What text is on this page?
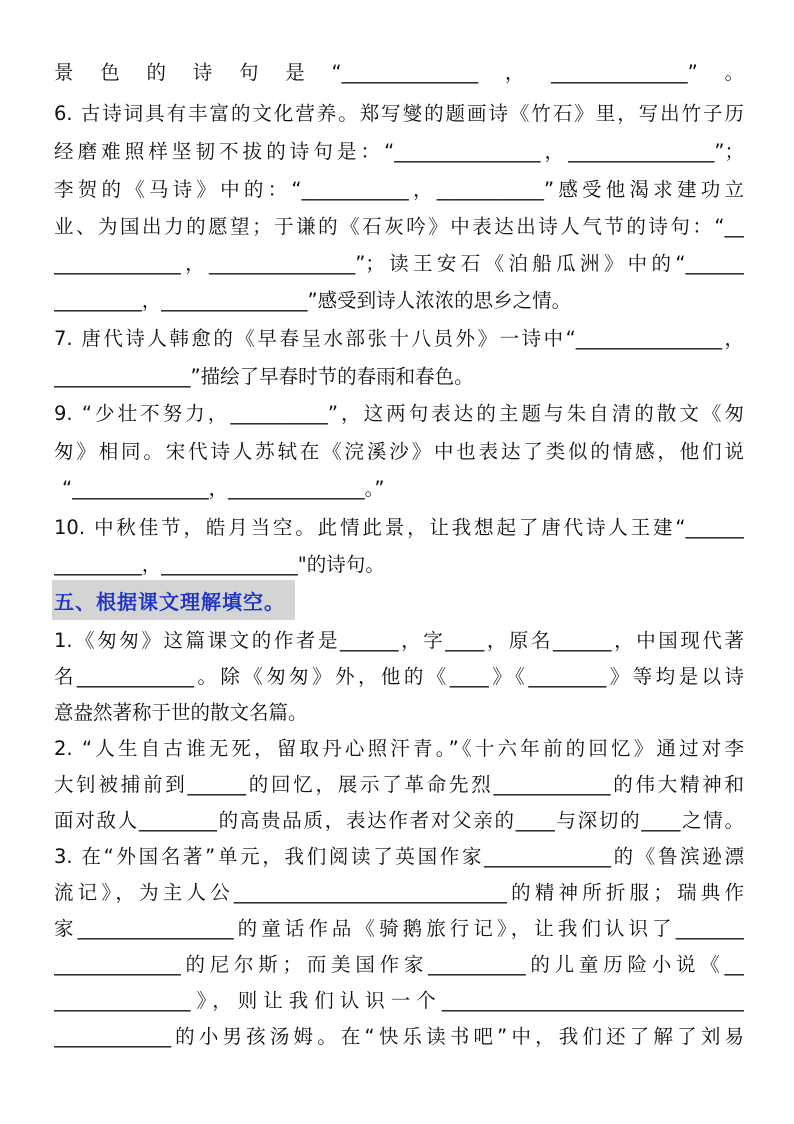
景色的诗句是“______________，______________”。
6. 古诗词具有丰富的文化营养。郑写燮的题画诗《竹石》里，写出竹子历
经磨难照样坚韧不拔的诗句是：“_______________，_______________”；
李贺的《马诗》中的：“___________，___________”感受他渴求建功立
业、为国出力的愿望；于谦的《石灰吟》中表达出诗人气节的诗句：“__
_____________，_______________”；读王安石《泊船瓜洲》中的“______
_________，_______________”感受到诗人浓浓的思乡之情。
7. 唐代诗人韩愈的《早春呈水部张十八员外》一诗中“_______________，
______________”描绘了早春时节的春雨和春色。
9. “少壮不努力，__________”，这两句表达的主题与朱自清的散文《匆
匆》相同。宋代诗人苏轼在《浣溪沙》中也表达了类似的情感，他们说
“______________，______________。”
10. 中秋佳节，皓月当空。此情此景，让我想起了唐代诗人王建“______
_________，______________"的诗句。
五、根据课文理解填空。
1.《匆匆》这篇课文的作者是______，字____，原名______，中国现代著
名____________。除《匆匆》外，他的《____》《________》等均是以诗
意盎然著称于世的散文名篇。
2. “人生自古谁无死，留取丹心照汗青。”《十六年前的回忆》通过对李
大钊被捕前到______的回忆，展示了革命先烈____________的伟大精神和
面对敌人________的高贵品质，表达作者对父亲的____与深切的____之情。
3. 在“外国名著”单元，我们阅读了英国作家_____________的《鲁滨逊漂
流记》，为主人公____________________________的精神所折服；瑞典作
家________________的童话作品《骑鹅旅行记》，让我们认识了_______
_____________的尼尔斯；而美国作家__________的儿童历险小说《__
______________》，则让我们认识一个_______________________________
____________的小男孩汤姆。在“快乐读书吧”中，我们还了解了刘易
